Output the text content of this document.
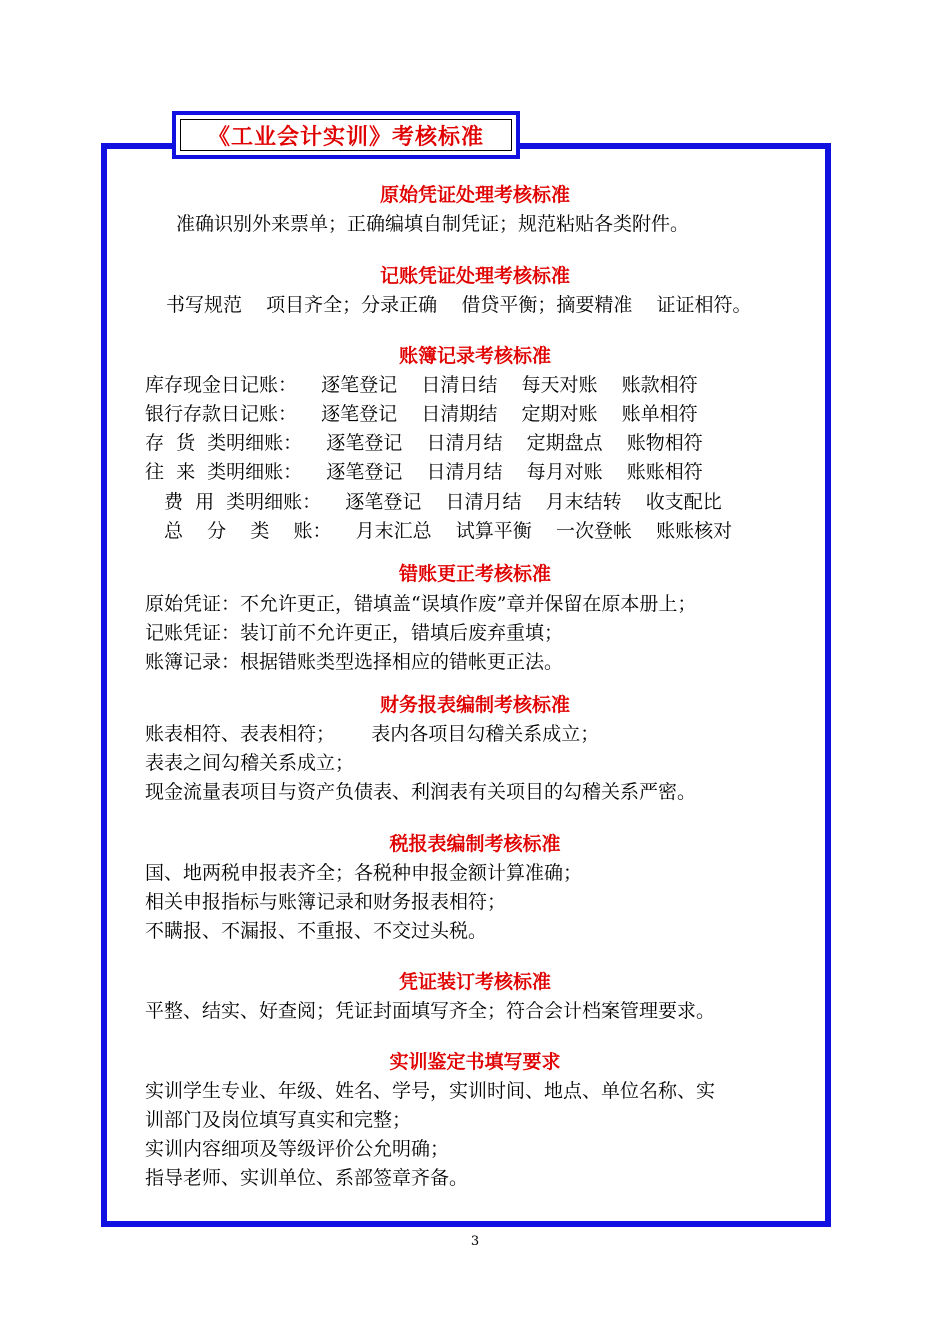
《工业会计实训》考核标准
原始凭证处理考核标准
准确识别外来票单；正确编填自制凭证；规范粘贴各类附件。
记账凭证处理考核标准
书写规范    项目齐全；分录正确    借贷平衡；摘要精准    证证相符。
账簿记录考核标准
库存现金日记账：    逐笔登记    日清日结    每天对账    账款相符
银行存款日记账：    逐笔登记    日清期结    定期对账    账单相符
存  货  类明细账：    逐笔登记    日清月结    定期盘点    账物相符
往  来  类明细账：    逐笔登记    日清月结    每月对账    账账相符
费  用  类明细账：    逐笔登记    日清月结    月末结转    收支配比
总    分    类    账：    月末汇总    试算平衡    一次登帐    账账核对
错账更正考核标准
原始凭证：不允许更正，错填盖“误填作废”章并保留在原本册上；
记账凭证：装订前不允许更正，错填后废弃重填；
账簿记录：根据错账类型选择相应的错帐更正法。
财务报表编制考核标准
账表相符、表表相符；      表内各项目勾稽关系成立；
表表之间勾稽关系成立；
现金流量表项目与资产负债表、利润表有关项目的勾稽关系严密。
税报表编制考核标准
国、地两税申报表齐全；各税种申报金额计算准确；
相关申报指标与账簿记录和财务报表相符；
不瞒报、不漏报、不重报、不交过头税。
凭证装订考核标准
平整、结实、好查阅；凭证封面填写齐全；符合会计档案管理要求。
实训鉴定书填写要求
实训学生专业、年级、姓名、学号，实训时间、地点、单位名称、实
训部门及岗位填写真实和完整；
实训内容细项及等级评价公允明确；
指导老师、实训单位、系部签章齐备。
3
